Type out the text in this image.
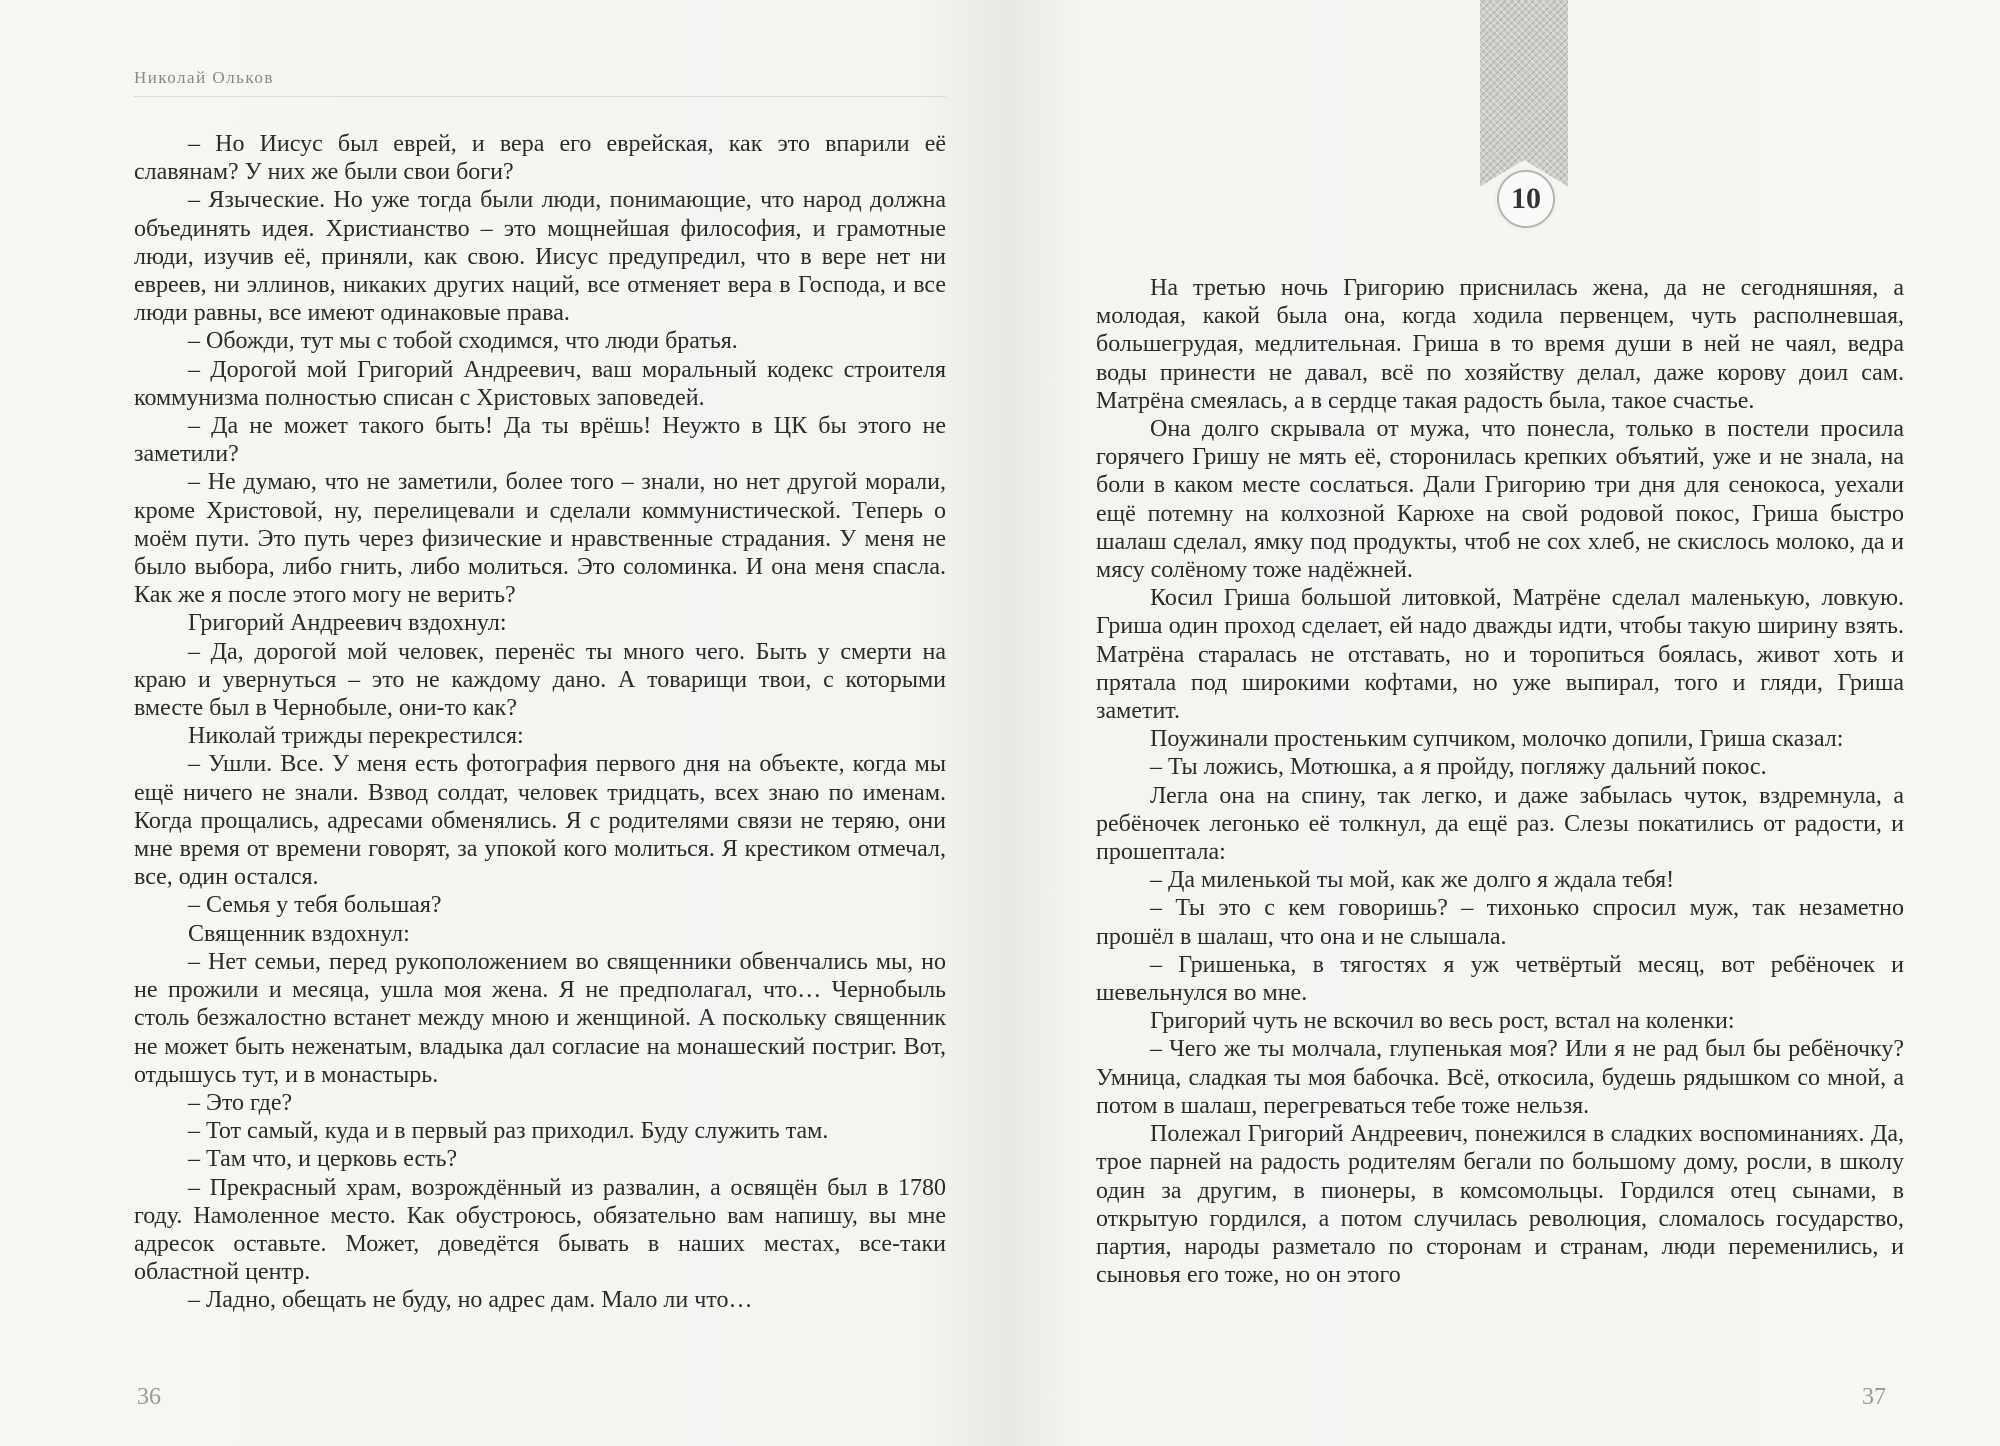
Николай Ольков

– Но Иисус был еврей, и вера его еврейская, как это впарили её славянам? У них же были свои боги?

– Языческие. Но уже тогда были люди, понимающие, что народ должна объединять идея. Христианство – это мощнейшая философия, и грамотные люди, изучив её, приняли, как свою. Иисус предупредил, что в вере нет ни евреев, ни эллинов, никаких других наций, все отменяет вера в Господа, и все люди равны, все имеют одинаковые права.

– Обожди, тут мы с тобой сходимся, что люди братья.

– Дорогой мой Григорий Андреевич, ваш моральный кодекс строителя коммунизма полностью списан с Христовых заповедей.

– Да не может такого быть! Да ты врёшь! Неужто в ЦК бы этого не заметили?

– Не думаю, что не заметили, более того – знали, но нет другой морали, кроме Христовой, ну, перелицевали и сделали коммунистической. Теперь о моём пути. Это путь через физические и нравственные страдания. У меня не было выбора, либо гнить, либо молиться. Это соломинка. И она меня спасла. Как же я после этого могу не верить?

Григорий Андреевич вздохнул:

– Да, дорогой мой человек, перенёс ты много чего. Быть у смерти на краю и увернуться – это не каждому дано. А товарищи твои, с которыми вместе был в Чернобыле, они-то как?

Николай трижды перекрестился:

– Ушли. Все. У меня есть фотография первого дня на объекте, когда мы ещё ничего не знали. Взвод солдат, человек тридцать, всех знаю по именам. Когда прощались, адресами обменялись. Я с родителями связи не теряю, они мне время от времени говорят, за упокой кого молиться. Я крестиком отмечал, все, один остался.

– Семья у тебя большая?

Священник вздохнул:

– Нет семьи, перед рукоположением во священники обвенчались мы, но не прожили и месяца, ушла моя жена. Я не предполагал, что… Чернобыль столь безжалостно встанет между мною и женщиной. А поскольку священник не может быть неженатым, владыка дал согласие на монашеский постриг. Вот, отдышусь тут, и в монастырь.

– Это где?

– Тот самый, куда и в первый раз приходил. Буду служить там.

– Там что, и церковь есть?

– Прекрасный храм, возрождённый из развалин, а освящён был в 1780 году. Намоленное место. Как обустроюсь, обязательно вам напишу, вы мне адресок оставьте. Может, доведётся бывать в наших местах, все-таки областной центр.

– Ладно, обещать не буду, но адрес дам. Мало ли что…

36
10

На третью ночь Григорию приснилась жена, да не сегодняшняя, а молодая, какой была она, когда ходила первенцем, чуть располневшая, большегрудая, медлительная. Гриша в то время души в ней не чаял, ведра воды принести не давал, всё по хозяйству делал, даже корову доил сам. Матрёна смеялась, а в сердце такая радость была, такое счастье.

Она долго скрывала от мужа, что понесла, только в постели просила горячего Гришу не мять её, сторонилась крепких объятий, уже и не знала, на боли в каком месте сослаться. Дали Григорию три дня для сенокоса, уехали ещё потемну на колхозной Карюхе на свой родовой покос, Гриша быстро шалаш сделал, ямку под продукты, чтоб не сох хлеб, не скислось молоко, да и мясу солёному тоже надёжней.

Косил Гриша большой литовкой, Матрёне сделал маленькую, ловкую. Гриша один проход сделает, ей надо дважды идти, чтобы такую ширину взять. Матрёна старалась не отставать, но и торопиться боялась, живот хоть и прятала под широкими кофтами, но уже выпирал, того и гляди, Гриша заметит.

Поужинали простеньким супчиком, молочко допили, Гриша сказал:

– Ты ложись, Мотюшка, а я пройду, погляжу дальний покос.

Легла она на спину, так легко, и даже забылась чуток, вздремнула, а ребёночек легонько её толкнул, да ещё раз. Слезы покатились от радости, и прошептала:

– Да миленькой ты мой, как же долго я ждала тебя!

– Ты это с кем говоришь? – тихонько спросил муж, так незаметно прошёл в шалаш, что она и не слышала.

– Гришенька, в тягостях я уж четвёртый месяц, вот ребёночек и шевельнулся во мне.

Григорий чуть не вскочил во весь рост, встал на коленки:

– Чего же ты молчала, глупенькая моя? Или я не рад был бы ребёночку? Умница, сладкая ты моя бабочка. Всё, откосила, будешь рядышком со мной, а потом в шалаш, перегреваться тебе тоже нельзя.

Полежал Григорий Андреевич, понежился в сладких воспоминаниях. Да, трое парней на радость родителям бегали по большому дому, росли, в школу один за другим, в пионеры, в комсомольцы. Гордился отец сынами, в открытую гордился, а потом случилась революция, сломалось государство, партия, народы разметало по сторонам и странам, люди переменились, и сыновья его тоже, но он этого

37
